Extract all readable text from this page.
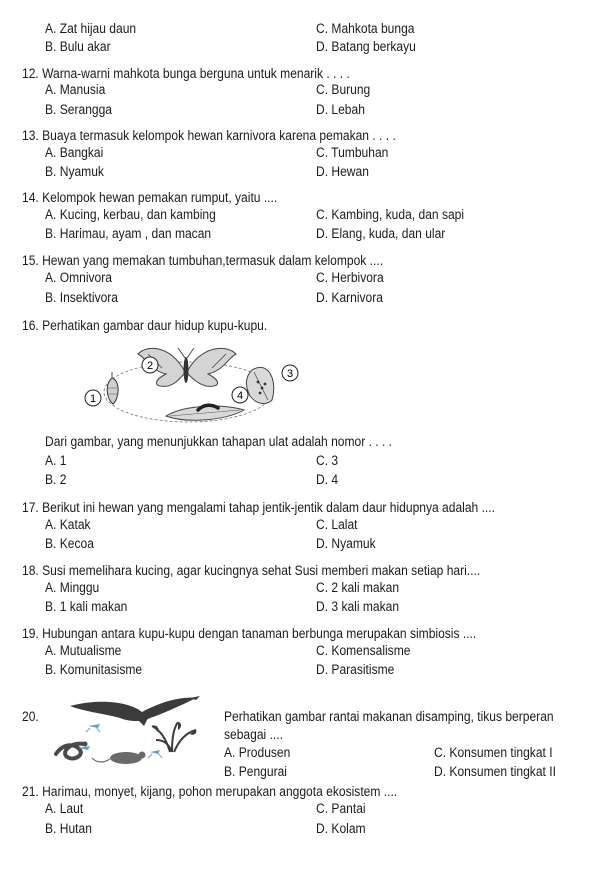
A. Zat hijau daun	C. Mahkota bunga
B. Bulu akar	D. Batang berkayu
12. Warna-warni mahkota bunga berguna untuk menarik . . . .
A. Manusia	C. Burung
B. Serangga	D. Lebah
13. Buaya termasuk kelompok hewan karnivora karena pemakan . . . .
A. Bangkai	C. Tumbuhan
B. Nyamuk	D. Hewan
14. Kelompok hewan pemakan rumput, yaitu ....
A. Kucing, kerbau, dan kambing	C. Kambing, kuda, dan sapi
B. Harimau, ayam , dan macan	D. Elang, kuda, dan ular
15. Hewan yang memakan tumbuhan,termasuk dalam kelompok ....
A. Omnivora	C. Herbivora
B. Insektivora	D. Karnivora
16. Perhatikan gambar daur hidup kupu-kupu.
1
2
3
4
Dari gambar, yang menunjukkan tahapan ulat adalah nomor . . . .
A. 1	C. 3
B. 2	D. 4
17. Berikut ini hewan yang mengalami tahap jentik-jentik dalam daur hidupnya adalah ....
A. Katak	C. Lalat
B. Kecoa	D. Nyamuk
18. Susi memelihara kucing, agar kucingnya sehat Susi memberi makan setiap hari....
A. Minggu	C. 2 kali makan
B. 1 kali makan	D. 3 kali makan
19. Hubungan antara kupu-kupu dengan tanaman berbunga merupakan simbiosis ....
A. Mutualisme	C. Komensalisme
B. Komunitasisme	D. Parasitisme
20.	Perhatikan gambar rantai makanan disamping, tikus berperan
sebagai ....
A. Produsen	C. Konsumen tingkat I
B. Pengurai	D. Konsumen tingkat II
21. Harimau, monyet, kijang, pohon merupakan anggota ekosistem ....
A. Laut	C. Pantai
B. Hutan	D. Kolam
